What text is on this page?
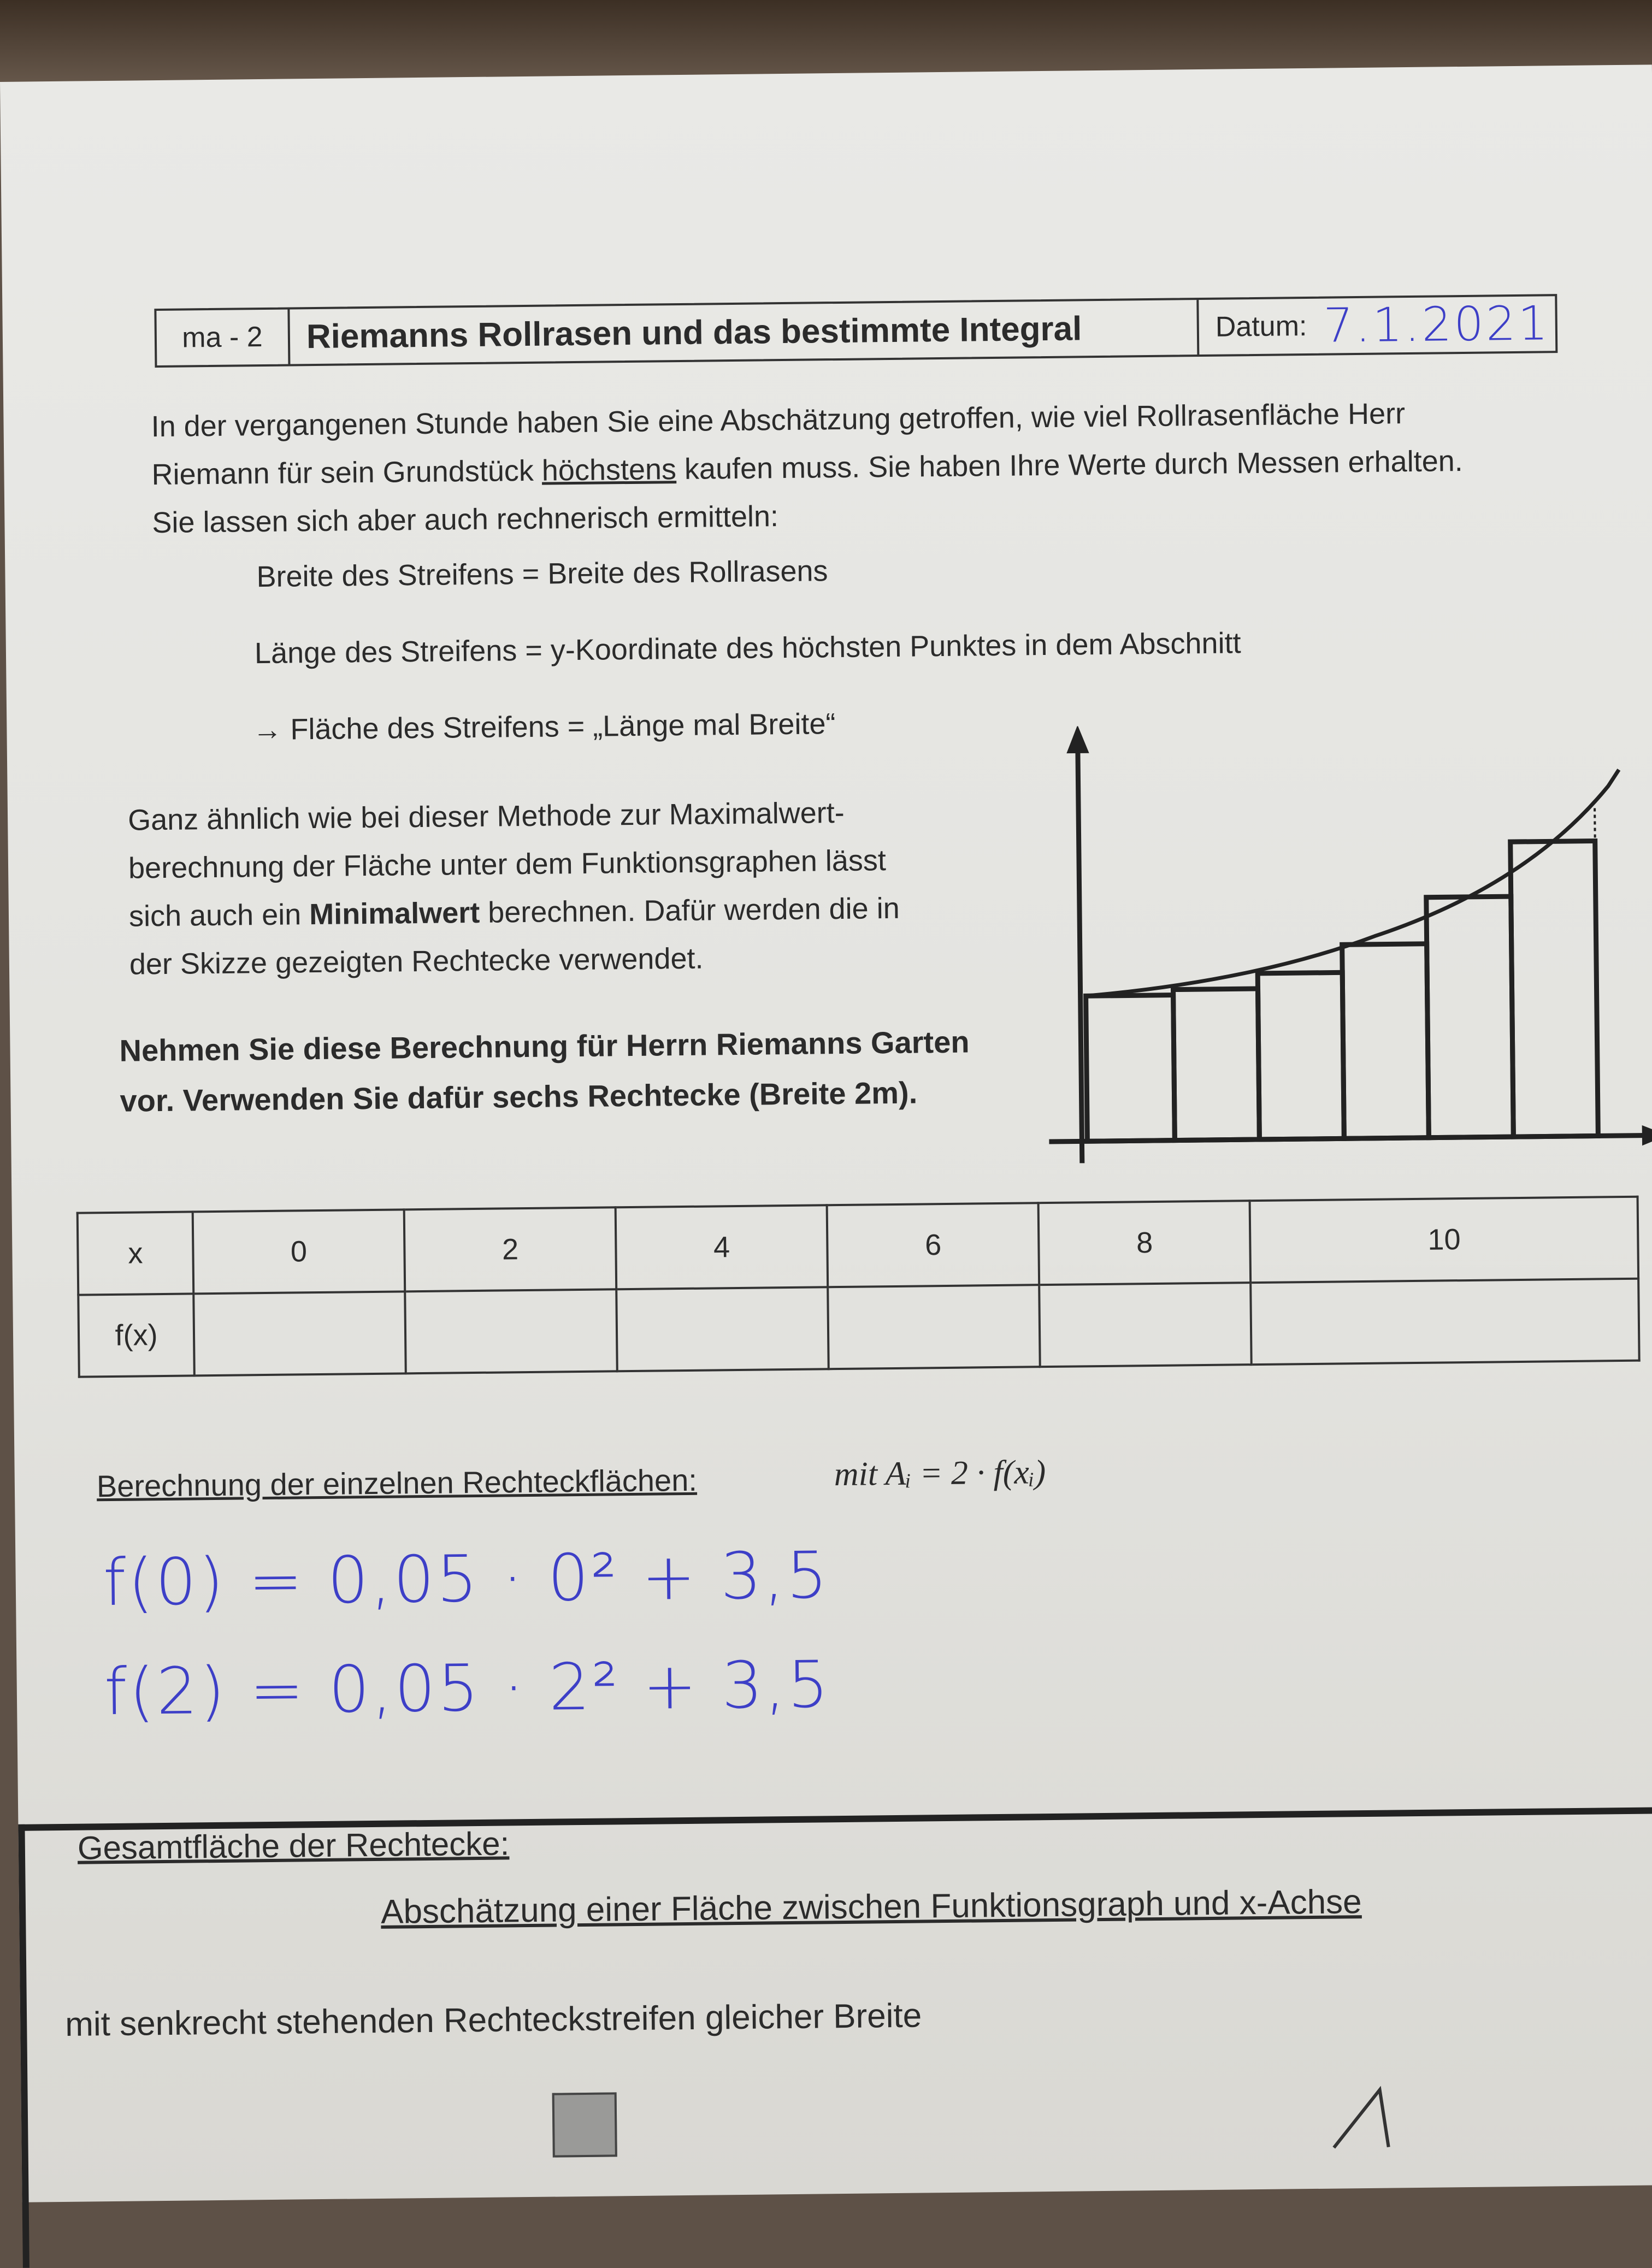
ma - 2	Riemanns Rollrasen und das bestimmte Integral	Datum: 7.1.2021
In der vergangenen Stunde haben Sie eine Abschätzung getroffen, wie viel Rollrasenfläche Herr
Riemann für sein Grundstück höchstens kaufen muss. Sie haben Ihre Werte durch Messen erhalten.
Sie lassen sich aber auch rechnerisch ermitteln:
Breite des Streifens = Breite des Rollrasens
Länge des Streifens = y-Koordinate des höchsten Punktes in dem Abschnitt
→ Fläche des Streifens = „Länge mal Breite“
Ganz ähnlich wie bei dieser Methode zur Maximalwert-
berechnung der Fläche unter dem Funktionsgraphen lässt
sich auch ein Minimalwert berechnen. Dafür werden die in
der Skizze gezeigten Rechtecke verwendet.
Nehmen Sie diese Berechnung für Herrn Riemanns Garten
vor. Verwenden Sie dafür sechs Rechtecke (Breite 2m).
x	0	2	4	6	8	10
f(x)						
Berechnung der einzelnen Rechteckflächen:	mit Aᵢ = 2 · f(xᵢ)
f(0) = 0,05 · 0² + 3,5
f(2) = 0,05 · 2² + 3,5
Gesamtfläche der Rechtecke:
Abschätzung einer Fläche zwischen Funktionsgraph und x-Achse
mit senkrecht stehenden Rechteckstreifen gleicher Breite
